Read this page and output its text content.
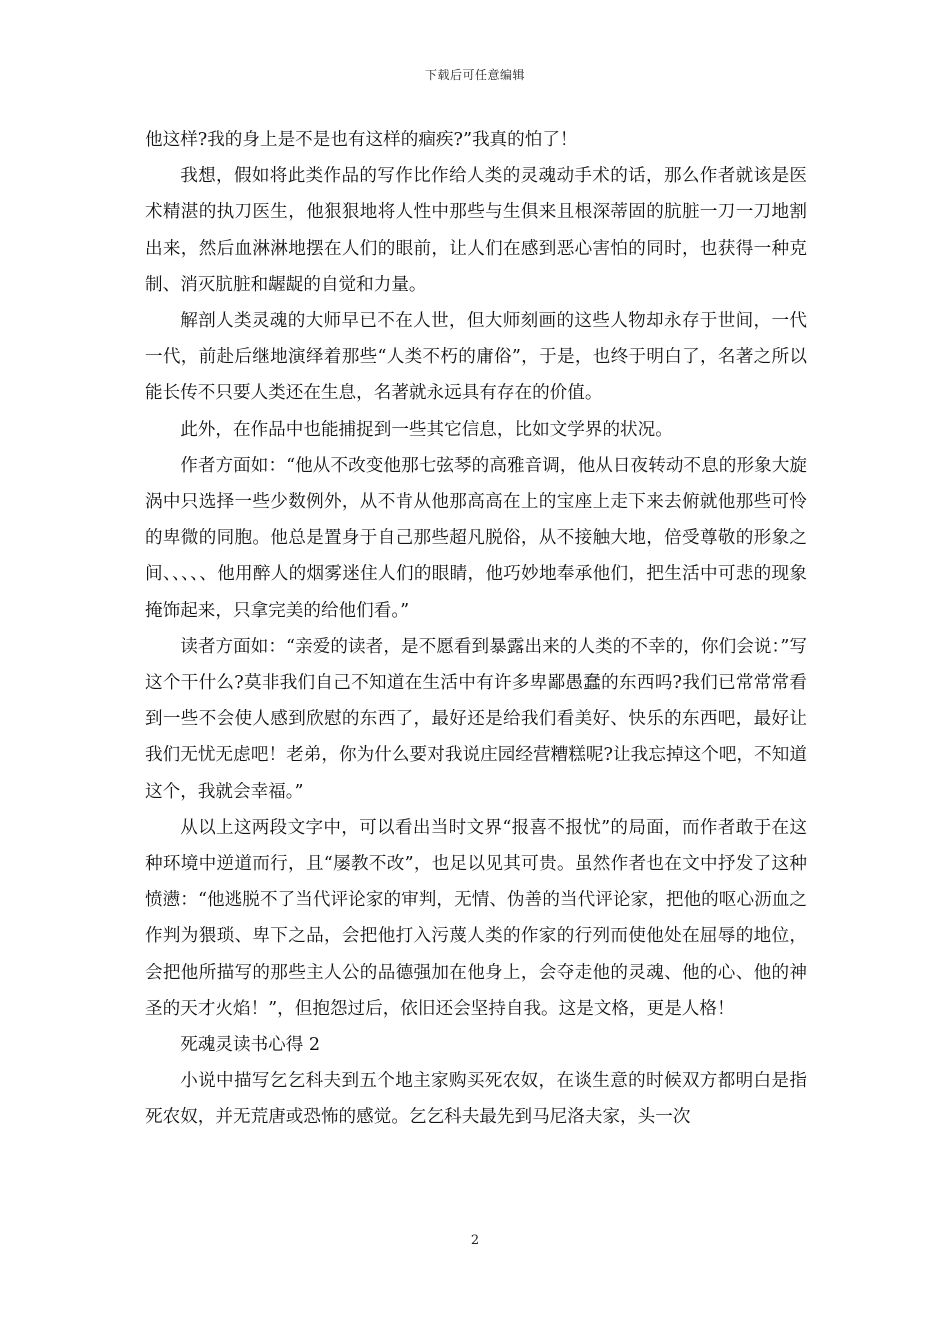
下载后可任意编辑

他这样?我的身上是不是也有这样的痼疾?”我真的怕了！

我想，假如将此类作品的写作比作给人类的灵魂动手术的话，那么作者就该是医术精湛的执刀医生，他狠狠地将人性中那些与生俱来且根深蒂固的肮脏一刀一刀地割出来，然后血淋淋地摆在人们的眼前，让人们在感到恶心害怕的同时，也获得一种克制、消灭肮脏和龌龊的自觉和力量。

解剖人类灵魂的大师早已不在人世，但大师刻画的这些人物却永存于世间，一代一代，前赴后继地演绎着那些“人类不朽的庸俗”，于是，也终于明白了，名著之所以能长传不只要人类还在生息，名著就永远具有存在的价值。

此外，在作品中也能捕捉到一些其它信息，比如文学界的状况。

作者方面如：“他从不改变他那七弦琴的高雅音调，他从日夜转动不息的形象大旋涡中只选择一些少数例外，从不肯从他那高高在上的宝座上走下来去俯就他那些可怜的卑微的同胞。他总是置身于自己那些超凡脱俗，从不接触大地，倍受尊敬的形象之间、、、、、他用醉人的烟雾迷住人们的眼睛，他巧妙地奉承他们，把生活中可悲的现象掩饰起来，只拿完美的给他们看。”

读者方面如：“亲爱的读者，是不愿看到暴露出来的人类的不幸的，你们会说：”写这个干什么?莫非我们自己不知道在生活中有许多卑鄙愚蠢的东西吗?我们已常常常看到一些不会使人感到欣慰的东西了，最好还是给我们看美好、快乐的东西吧，最好让我们无忧无虑吧！老弟，你为什么要对我说庄园经营糟糕呢?让我忘掉这个吧，不知道这个，我就会幸福。”

从以上这两段文字中，可以看出当时文界“报喜不报忧”的局面，而作者敢于在这种环境中逆道而行，且“屡教不改”，也足以见其可贵。虽然作者也在文中抒发了这种愤懑：“他逃脱不了当代评论家的审判，无情、伪善的当代评论家，把他的呕心沥血之作判为猥琐、卑下之品，会把他打入污蔑人类的作家的行列而使他处在屈辱的地位，会把他所描写的那些主人公的品德强加在他身上，会夺走他的灵魂、他的心、他的神圣的天才火焰！”，但抱怨过后，依旧还会坚持自我。这是文格，更是人格！

死魂灵读书心得 2

小说中描写乞乞科夫到五个地主家购买死农奴，在谈生意的时候双方都明白是指死农奴，并无荒唐或恐怖的感觉。乞乞科夫最先到马尼洛夫家，头一次

2
